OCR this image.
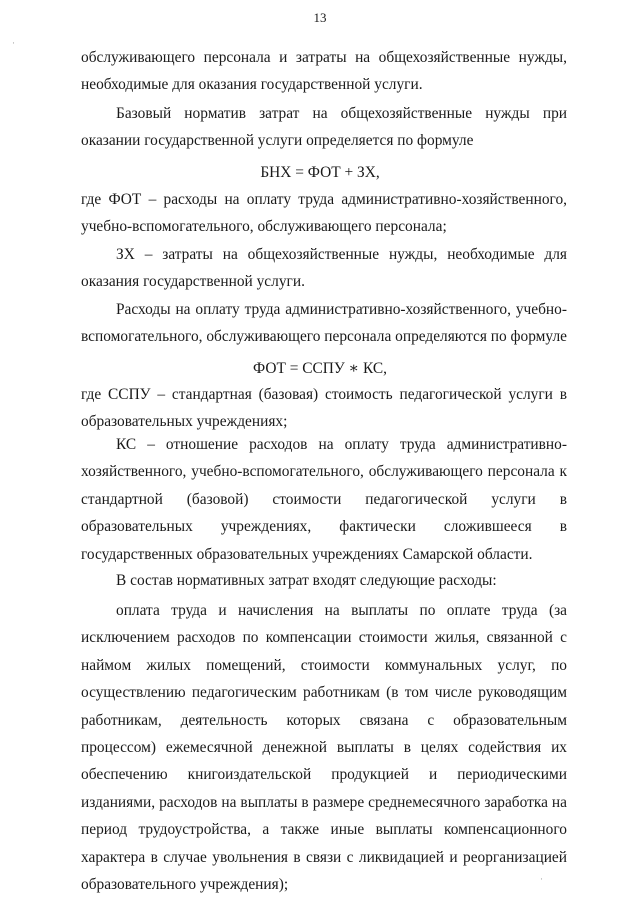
13
·
·

обслуживающего персонала и затраты на общехозяйственные нужды, необходимые для оказания государственной услуги.

Базовый норматив затрат на общехозяйственные нужды при оказании государственной услуги определяется по формуле

БНХ = ФОТ + ЗХ,

где ФОТ – расходы на оплату труда административно-хозяйственного, учебно-вспомогательного, обслуживающего персонала;

ЗХ – затраты на общехозяйственные нужды, необходимые для оказания государственной услуги.

Расходы на оплату труда административно-хозяйственного, учебно-вспомогательного, обслуживающего персонала определяются по формуле

ФОТ = ССПУ ∗ КС,

где ССПУ – стандартная (базовая) стоимость педагогической услуги в образовательных учреждениях;

КС – отношение расходов на оплату труда административно-хозяйственного, учебно-вспомогательного, обслуживающего персонала к стандартной (базовой) стоимости педагогической услуги в образовательных учреждениях, фактически сложившееся в государственных образовательных учреждениях Самарской области.

В состав нормативных затрат входят следующие расходы:

оплата труда и начисления на выплаты по оплате труда (за исключением расходов по компенсации стоимости жилья, связанной с наймом жилых помещений, стоимости коммунальных услуг, по осуществлению педагогическим работникам (в том числе руководящим работникам, деятельность которых связана с образовательным процессом) ежемесячной денежной выплаты в целях содействия их обеспечению книгоиздательской продукцией и периодическими изданиями, расходов на выплаты в размере среднемесячного заработка на период трудоустройства, а также иные выплаты компенсационного характера в случае увольнения в связи с ликвидацией и реорганизацией образовательного учреждения);
